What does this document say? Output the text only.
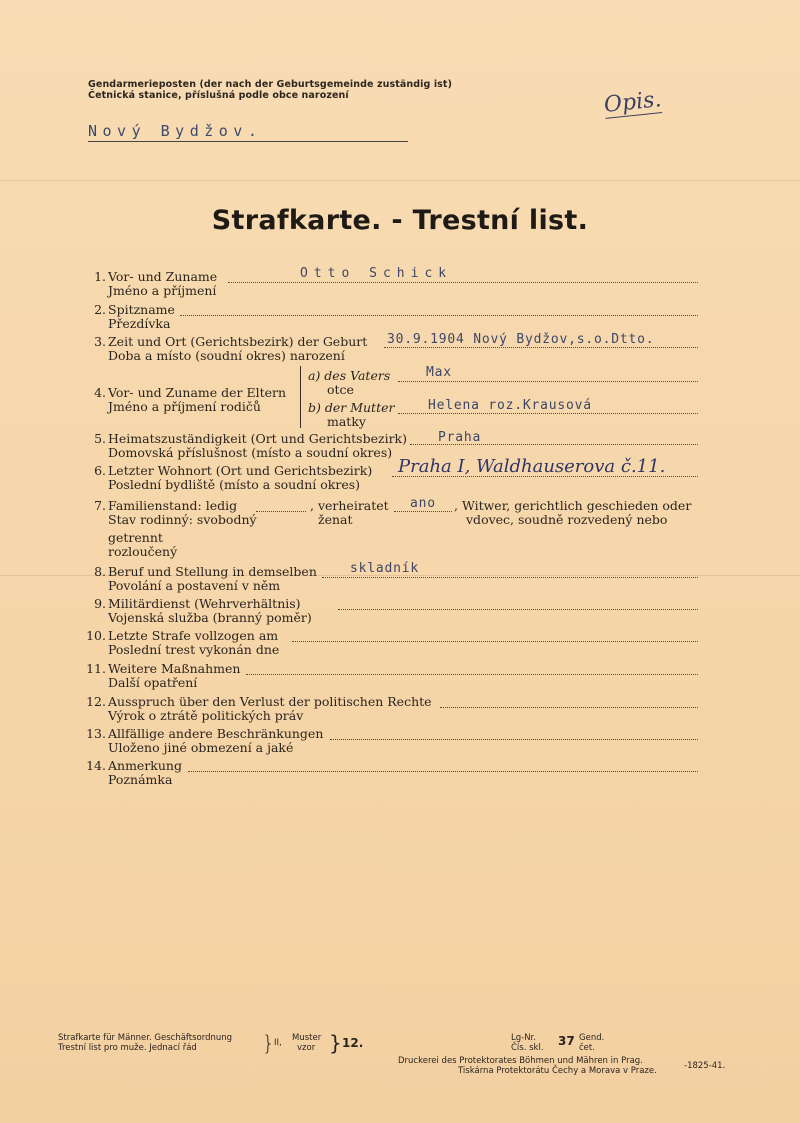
Gendarmerieposten (der nach der Geburtsgemeinde zuständig ist)
Četnická stanice, příslušná podle obce narození
Nový Bydžov.
Opis.
Strafkarte. - Trestní list.
1. Vor- und Zuname
Jméno a příjmení
Otto Schick
2. Spitzname
Přezdívka
3. Zeit und Ort (Gerichtsbezirk) der Geburt
Doba a místo (soudní okres) narození
30.9.1904 Nový Bydžov,s.o.Dtto.
4. Vor- und Zuname der Eltern
Jméno a příjmení rodičů
a) des Vaters
otce
Max
b) der Mutter
matky
Helena roz.Krausová
5. Heimatszuständigkeit (Ort und Gerichtsbezirk)
Domovská příslušnost (místo a soudní okres)
Praha
6. Letzter Wohnort (Ort und Gerichtsbezirk)
Poslední bydliště (místo a soudní okres)
Praha I, Waldhauserova č.11.
7. Familienstand: ledig	, verheiratet ano , Witwer, gerichtlich geschieden oder
Stav rodinný: svobodný	ženat	vdovec, soudně rozvedený nebo
getrennt
rozloučený
8. Beruf und Stellung in demselben
Povolání a postavení v něm
skladník
9. Militärdienst (Wehrverhältnis)
Vojenská služba (branný poměr)
10. Letzte Strafe vollzogen am
Poslední trest vykonán dne
11. Weitere Maßnahmen
Další opatření
12. Ausspruch über den Verlust der politischen Rechte
Výrok o ztrátě politických práv
13. Allfällige andere Beschränkungen
Uloženo jiné obmezení a jaké
14. Anmerkung
Poznámka
Strafkarte für Männer. Geschäftsordnung
Trestní list pro muže. Jednací řád	} II, Muster
vzor } 12.	Lg-Nr.
Čís. skl. 37 Gend.
čet.
Druckerei des Protektorates Böhmen und Mähren in Prag.
Tiskárna Protektorátu Čechy a Morava v Praze.	-1825-41.
